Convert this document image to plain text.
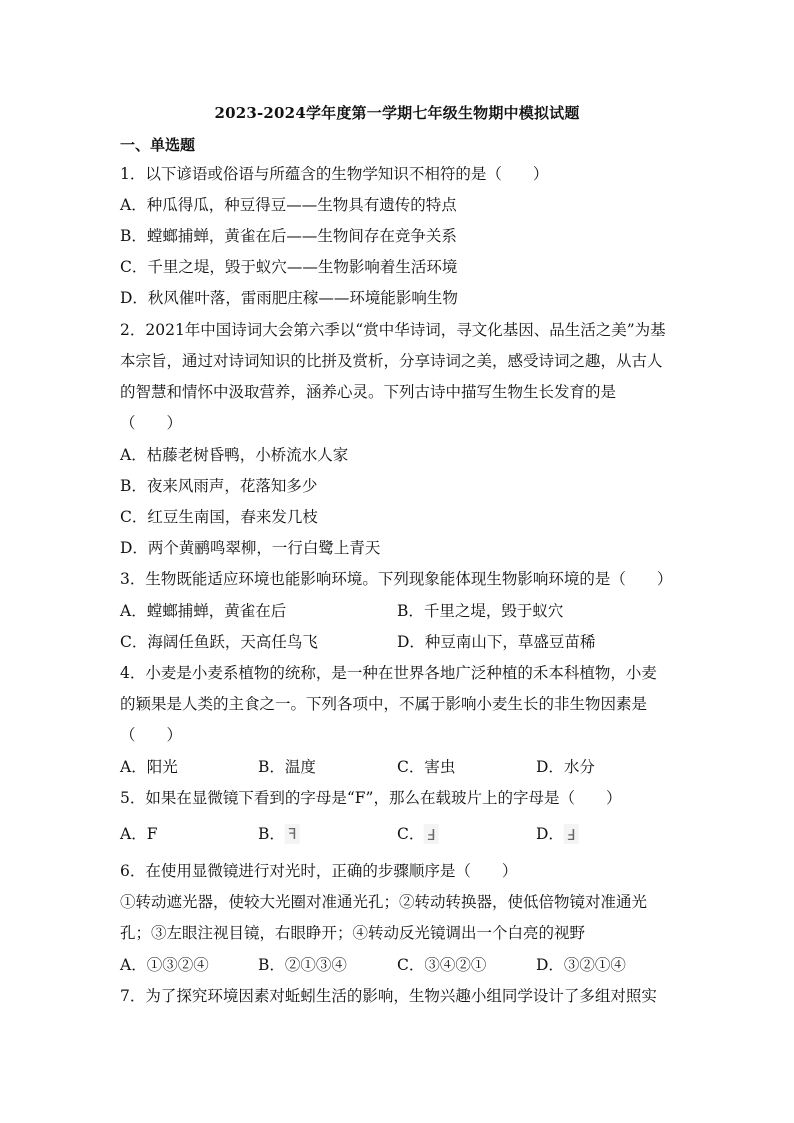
2023-2024学年度第一学期七年级生物期中模拟试题
一、单选题
1．以下谚语或俗语与所蕴含的生物学知识不相符的是（　　）
A．种瓜得瓜，种豆得豆——生物具有遗传的特点
B．螳螂捕蝉，黄雀在后——生物间存在竞争关系
C．千里之堤，毁于蚁穴——生物影响着生活环境
D．秋风催叶落，雷雨肥庄稼——环境能影响生物
2．2021年中国诗词大会第六季以“赏中华诗词，寻文化基因、品生活之美”为基
本宗旨，通过对诗词知识的比拼及赏析，分享诗词之美，感受诗词之趣，从古人
的智慧和情怀中汲取营养，涵养心灵。下列古诗中描写生物生长发育的是
（　　）
A．枯藤老树昏鸭，小桥流水人家
B．夜来风雨声，花落知多少
C．红豆生南国，春来发几枝
D．两个黄鹂鸣翠柳，一行白鹭上青天
3．生物既能适应环境也能影响环境。下列现象能体现生物影响环境的是（　　）
A．螳螂捕蝉，黄雀在后	B．千里之堤，毁于蚁穴
C．海阔任鱼跃，天高任鸟飞	D．种豆南山下，草盛豆苗稀
4．小麦是小麦系植物的统称，是一种在世界各地广泛种植的禾本科植物，小麦
的颖果是人类的主食之一。下列各项中，不属于影响小麦生长的非生物因素是
（　　）
A．阳光	B．温度	C．害虫	D．水分
5．如果在显微镜下看到的字母是“F”，那么在载玻片上的字母是（　　）
A．F	B． F	C． F	D． F
6．在使用显微镜进行对光时，正确的步骤顺序是（　　）
①转动遮光器，使较大光圈对准通光孔；②转动转换器，使低倍物镜对准通光
孔；③左眼注视目镜，右眼睁开；④转动反光镜调出一个白亮的视野
A．①③②④	B．②①③④	C．③④②①	D．③②①④
7．为了探究环境因素对蚯蚓生活的影响，生物兴趣小组同学设计了多组对照实
